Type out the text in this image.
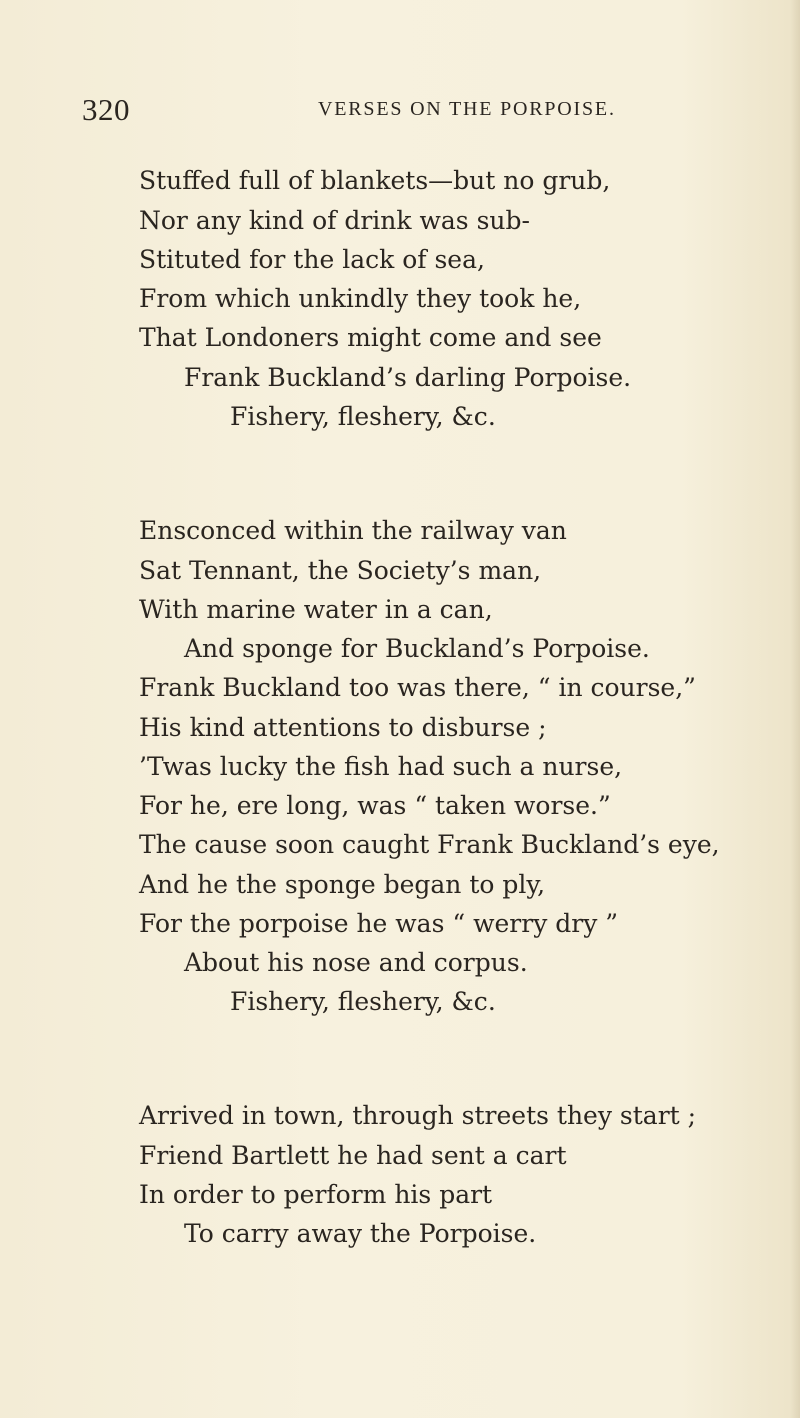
320	VERSES ON THE PORPOISE.
Stuffed full of blankets—but no grub,
Nor any kind of drink was sub-
Stituted for the lack of sea,
From which unkindly they took he,
That Londoners might come and see
Frank Buckland’s darling Porpoise.
Fishery, fleshery, &c.
Ensconced within the railway van
Sat Tennant, the Society’s man,
With marine water in a can,
And sponge for Buckland’s Porpoise.
Frank Buckland too was there, “ in course,”
His kind attentions to disburse ;
’Twas lucky the fish had such a nurse,
For he, ere long, was “ taken worse.”
The cause soon caught Frank Buckland’s eye,
And he the sponge began to ply,
For the porpoise he was “ werry dry ”
About his nose and corpus.
Fishery, fleshery, &c.
Arrived in town, through streets they start ;
Friend Bartlett he had sent a cart
In order to perform his part
To carry away the Porpoise.
